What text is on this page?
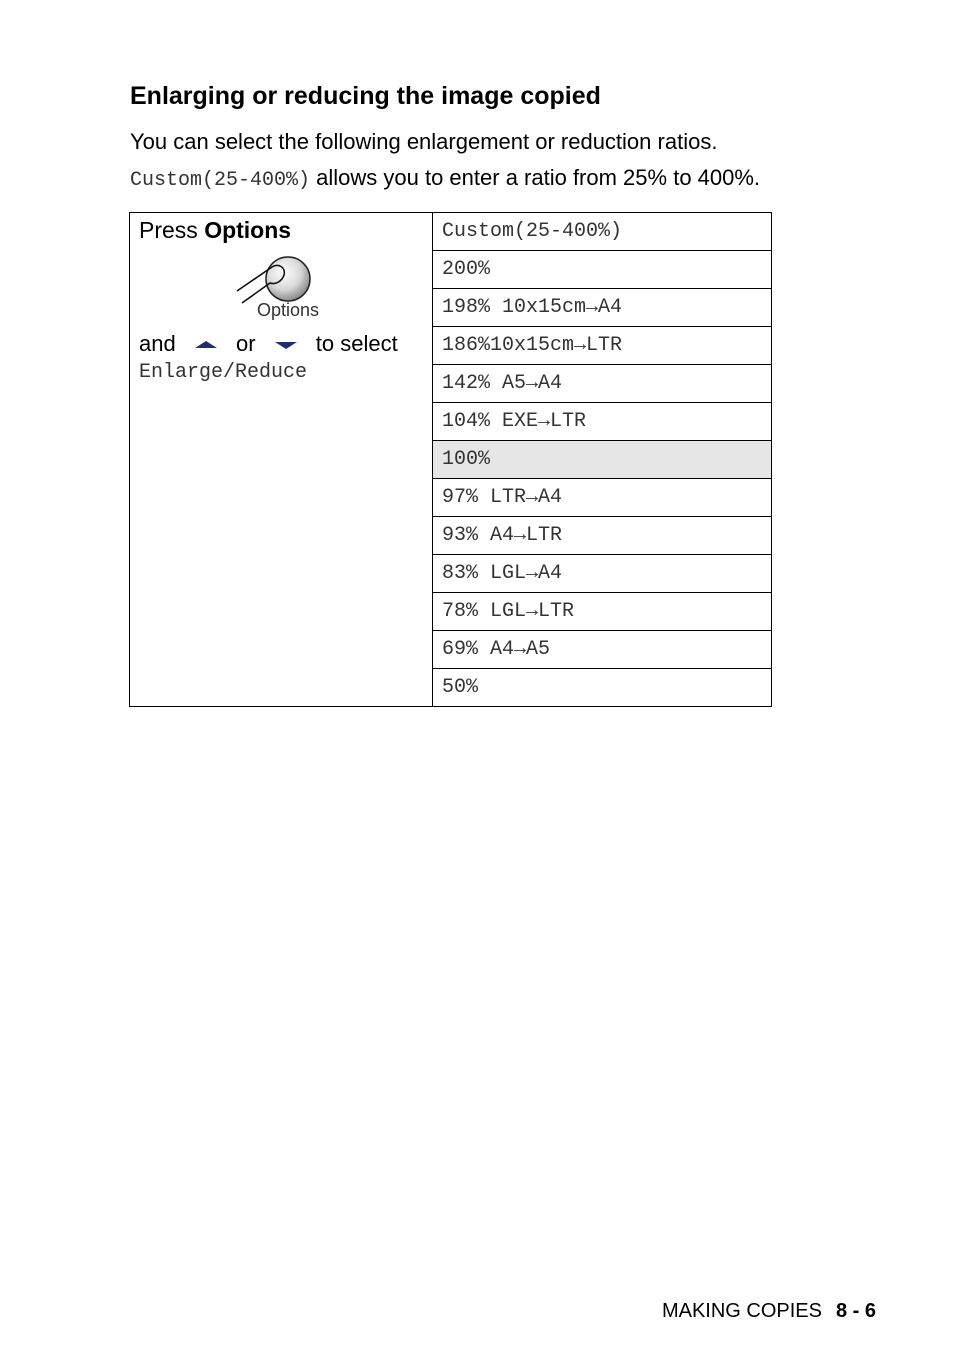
Enlarging or reducing the image copied
You can select the following enlargement or reduction ratios.
Custom(25-400%) allows you to enter a ratio from 25% to 400%.
Press Options
Options
and	or	to select
Enlarge/Reduce
	Custom(25-400%)
200%
198% 10x15cm→A4
186%10x15cm→LTR
142% A5→A4
104% EXE→LTR
100%
97% LTR→A4
93% A4→LTR
83% LGL→A4
78% LGL→LTR
69% A4→A5
50%
MAKING COPIES 8 - 6
